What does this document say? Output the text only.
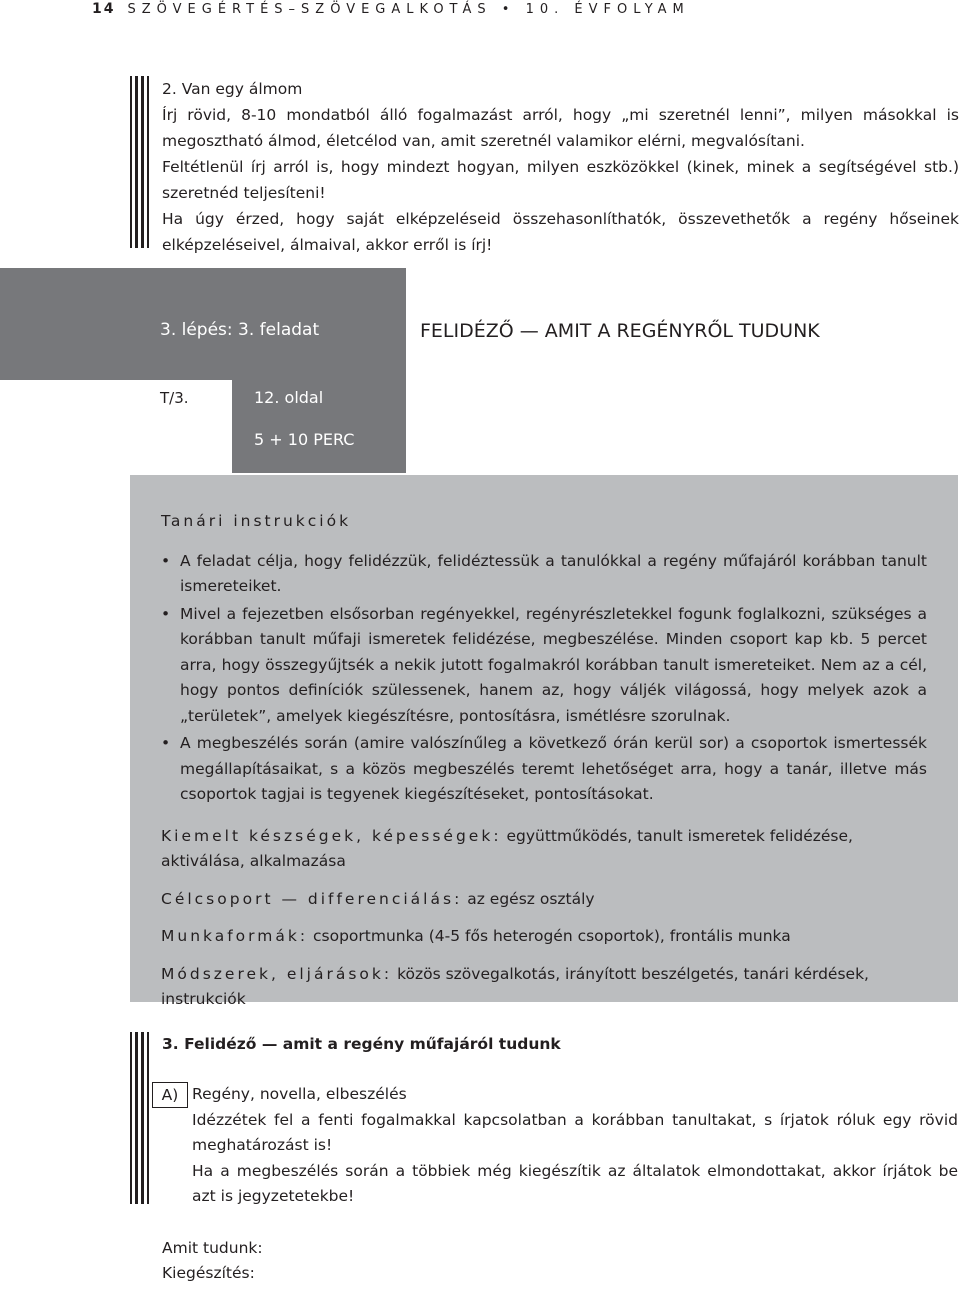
14 SZÖVEGÉRTÉS–SZÖVEGALKOTÁS • 10. ÉVFOLYAM

2. Van egy álmom

Írj rövid, 8-10 mondatból álló fogalmazást arról, hogy „mi szeretnél lenni”, milyen másokkal is megosztható álmod, életcélod van, amit szeretnél valamikor elérni, megvalósítani.

Feltétlenül írj arról is, hogy mindezt hogyan, milyen eszközökkel (kinek, minek a segítségével stb.) szeretnéd teljesíteni!

Ha úgy érzed, hogy saját elképzeléseid összehasonlíthatók, összevethetők a regény hőseinek elképzeléseivel, álmaival, akkor erről is írj!

3. lépés: 3. feladat	FELIDÉZŐ — AMIT A REGÉNYRŐL TUDUNK
T/3.	12. oldal
5 + 10 PERC

Tanári instrukciók

• A feladat célja, hogy felidézzük, felidéztessük a tanulókkal a regény műfajáról korábban tanult ismereteiket.
• Mivel a fejezetben elsősorban regényekkel, regényrészletekkel fogunk foglalkozni, szükséges a korábban tanult műfaji ismeretek felidézése, megbeszélése. Minden csoport kap kb. 5 percet arra, hogy összegyűjtsék a nekik jutott fogalmakról korábban tanult ismereteiket. Nem az a cél, hogy pontos definíciók szülessenek, hanem az, hogy váljék világossá, hogy melyek azok a „területek”, amelyek kiegészítésre, pontosításra, ismétlésre szorulnak.
• A megbeszélés során (amire valószínűleg a következő órán kerül sor) a csoportok ismertessék megállapításaikat, s a közös megbeszélés teremt lehetőséget arra, hogy a tanár, illetve más csoportok tagjai is tegyenek kiegészítéseket, pontosításokat.

Kiemelt készségek, képességek: együttműködés, tanult ismeretek felidézése, aktiválása, alkalmazása

Célcsoport — differenciálás: az egész osztály

Munkaformák: csoportmunka (4-5 fős heterogén csoportok), frontális munka

Módszerek, eljárások: közös szövegalkotás, irányított beszélgetés, tanári kérdések, instrukciók

3. Felidéző — amit a regény műfajáról tudunk

A) Regény, novella, elbeszélés

Idézzétek fel a fenti fogalmakkal kapcsolatban a korábban tanultakat, s írjatok róluk egy rövid meghatározást is!

Ha a megbeszélés során a többiek még kiegészítik az általatok elmondottakat, akkor írjátok be azt is jegyzetetekbe!

Amit tudunk:
Kiegészítés:
